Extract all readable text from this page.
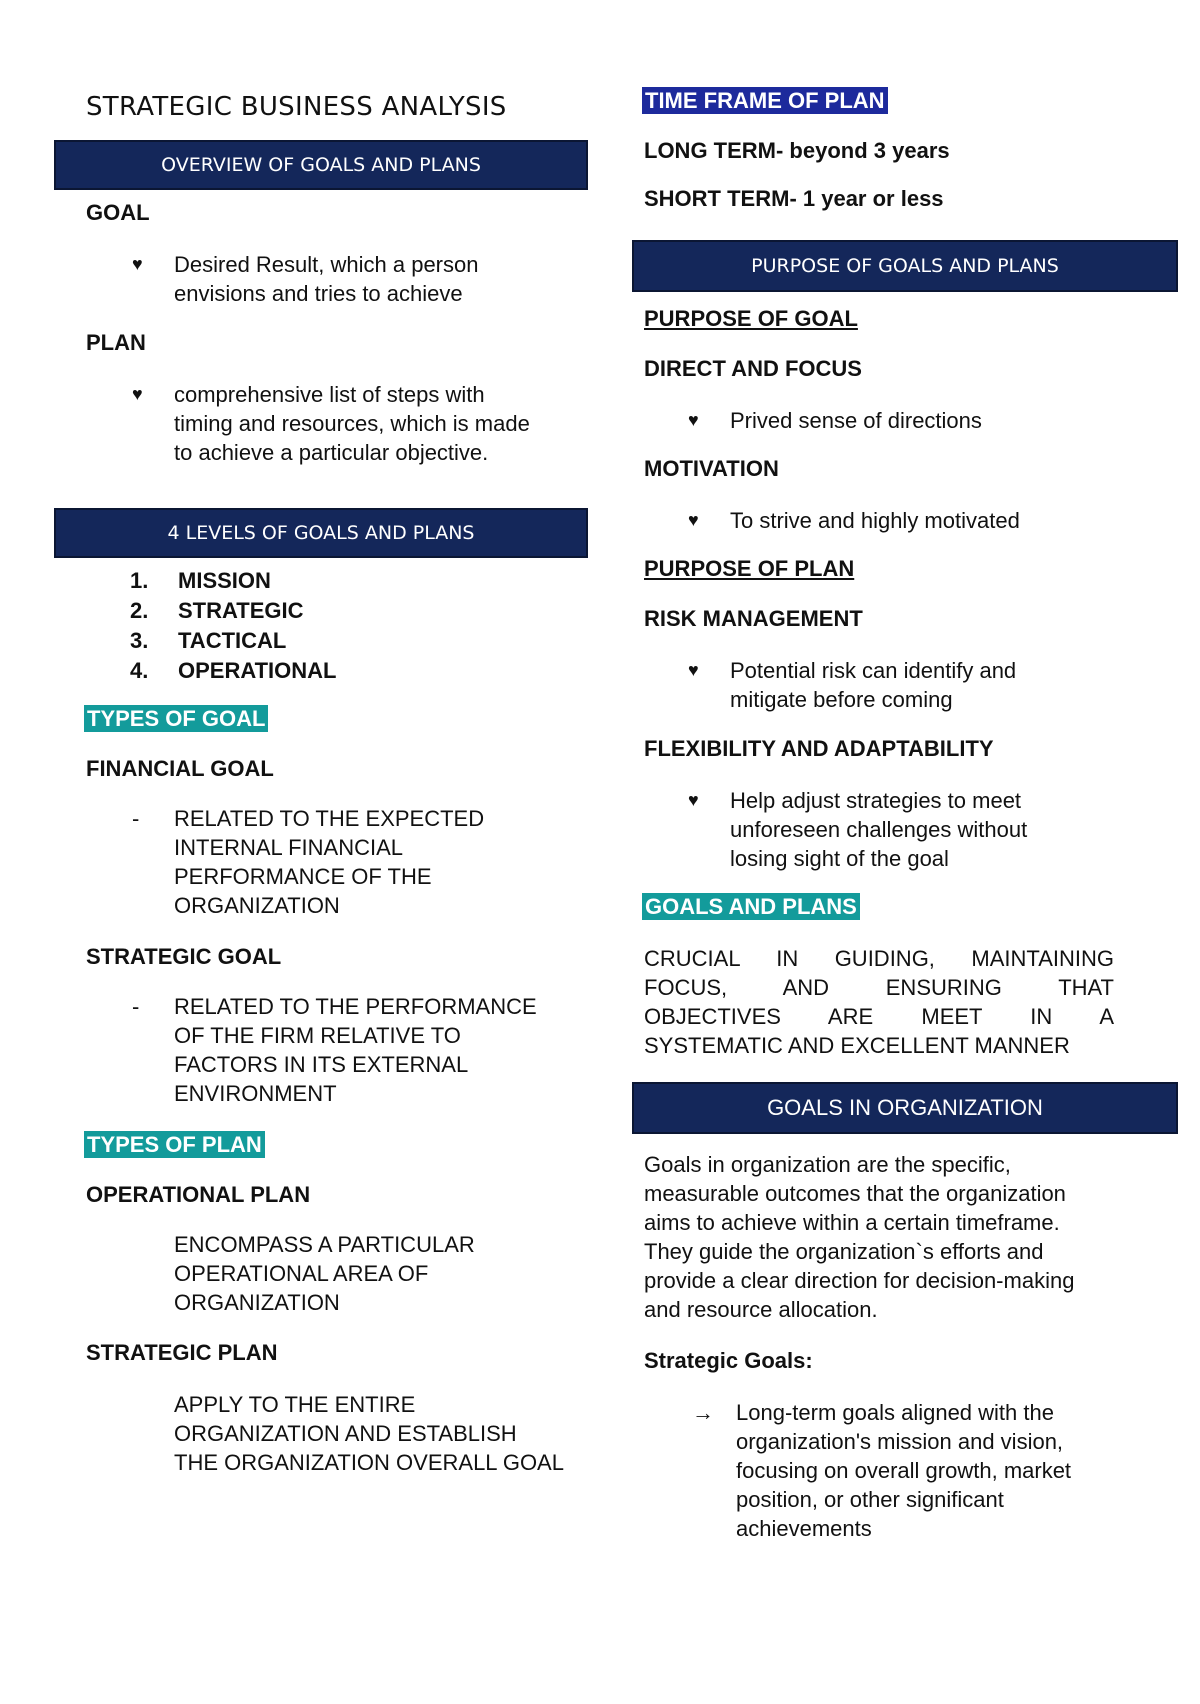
STRATEGIC BUSINESS ANALYSIS
OVERVIEW OF GOALS AND PLANS
GOAL
♥ Desired Result, which a person envisions and tries to achieve
PLAN
♥ comprehensive list of steps with timing and resources, which is made to achieve a particular objective.
4 LEVELS OF GOALS AND PLANS
1. MISSION
2. STRATEGIC
3. TACTICAL
4. OPERATIONAL
TYPES OF GOAL
FINANCIAL GOAL
- RELATED TO THE EXPECTED INTERNAL FINANCIAL PERFORMANCE OF THE ORGANIZATION
STRATEGIC GOAL
- RELATED TO THE PERFORMANCE OF THE FIRM RELATIVE TO FACTORS IN ITS EXTERNAL ENVIRONMENT
TYPES OF PLAN
OPERATIONAL PLAN
ENCOMPASS A PARTICULAR OPERATIONAL AREA OF ORGANIZATION
STRATEGIC PLAN
APPLY TO THE ENTIRE ORGANIZATION AND ESTABLISH THE ORGANIZATION OVERALL GOAL
TIME FRAME OF PLAN
LONG TERM- beyond 3 years
SHORT TERM- 1 year or less
PURPOSE OF GOALS AND PLANS
PURPOSE OF GOAL
DIRECT AND FOCUS
♥ Prived sense of directions
MOTIVATION
♥ To strive and highly motivated
PURPOSE OF PLAN
RISK MANAGEMENT
♥ Potential risk can identify and mitigate before coming
FLEXIBILITY AND ADAPTABILITY
♥ Help adjust strategies to meet unforeseen challenges without losing sight of the goal
GOALS AND PLANS
CRUCIAL IN GUIDING, MAINTAINING
FOCUS, AND ENSURING THAT
OBJECTIVES ARE MEET IN A
SYSTEMATIC AND EXCELLENT MANNER
GOALS IN ORGANIZATION
Goals in organization are the specific, measurable outcomes that the organization aims to achieve within a certain timeframe. They guide the organization`s efforts and provide a clear direction for decision-making and resource allocation.
Strategic Goals:
→ Long-term goals aligned with the organization's mission and vision, focusing on overall growth, market position, or other significant achievements
